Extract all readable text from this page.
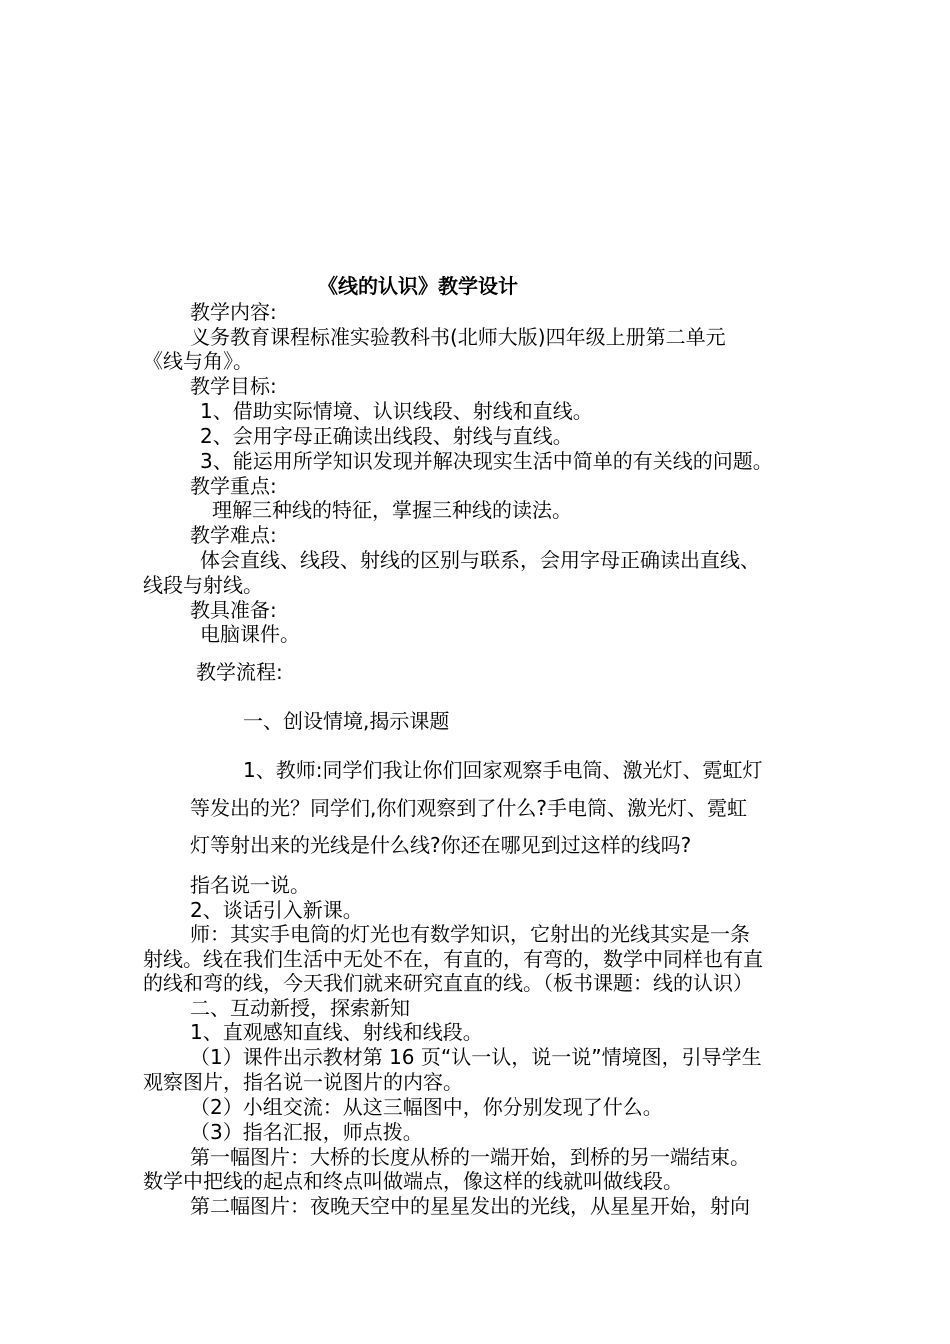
《线的认识》教学设计
教学内容:
义务教育课程标准实验教科书(北师大版)四年级上册第二单元
《线与角》。
教学目标:
1、借助实际情境、认识线段、射线和直线。
2、会用字母正确读出线段、射线与直线。
3、能运用所学知识发现并解决现实生活中简单的有关线的问题。
教学重点:
理解三种线的特征，掌握三种线的读法。
教学难点:
体会直线、线段、射线的区别与联系，会用字母正确读出直线、
线段与射线。
教具准备:
电脑课件。
教学流程:
一、创设情境,揭示课题
1、教师:同学们我让你们回家观察手电筒、激光灯、霓虹灯
等发出的光？同学们,你们观察到了什么?手电筒、激光灯、霓虹
灯等射出来的光线是什么线?你还在哪见到过这样的线吗?
指名说一说。
2、谈话引入新课。
师：其实手电筒的灯光也有数学知识，它射出的光线其实是一条
射线。线在我们生活中无处不在，有直的，有弯的，数学中同样也有直
的线和弯的线，今天我们就来研究直直的线。（板书课题：线的认识）
二、互动新授，探索新知
1、直观感知直线、射线和线段。
（1）课件出示教材第 16 页“认一认，说一说”情境图，引导学生
观察图片，指名说一说图片的内容。
（2）小组交流：从这三幅图中，你分别发现了什么。
（3）指名汇报，师点拨。
第一幅图片：大桥的长度从桥的一端开始，到桥的另一端结束。
数学中把线的起点和终点叫做端点，像这样的线就叫做线段。
第二幅图片：夜晚天空中的星星发出的光线，从星星开始，射向
